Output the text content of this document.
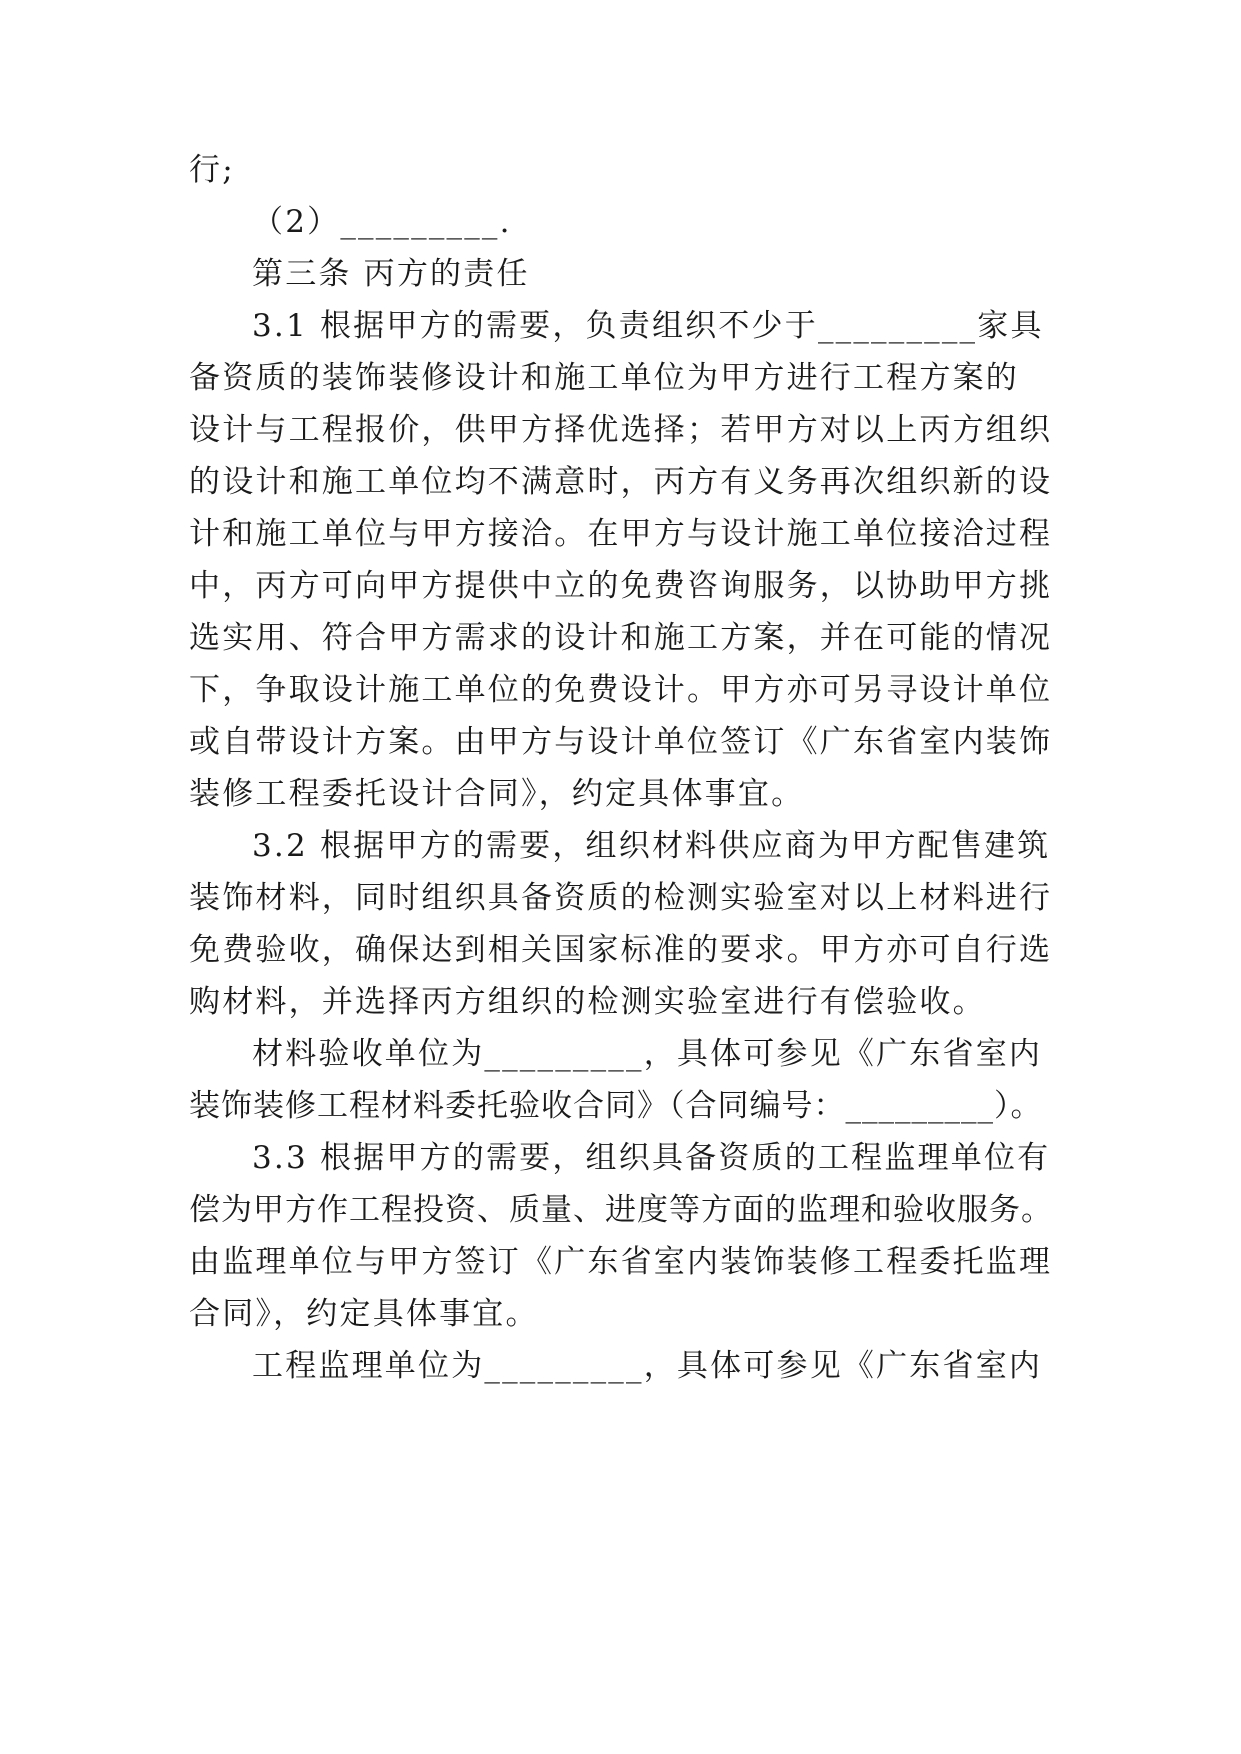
行;
（2）_________.
第三条 丙方的责任
3.1 根据甲方的需要，负责组织不少于_________家具
备资质的装饰装修设计和施工单位为甲方进行工程方案的
设计与工程报价，供甲方择优选择；若甲方对以上丙方组织
的设计和施工单位均不满意时，丙方有义务再次组织新的设
计和施工单位与甲方接洽。在甲方与设计施工单位接洽过程
中，丙方可向甲方提供中立的免费咨询服务，以协助甲方挑
选实用、符合甲方需求的设计和施工方案，并在可能的情况
下，争取设计施工单位的免费设计。甲方亦可另寻设计单位
或自带设计方案。由甲方与设计单位签订《广东省室内装饰
装修工程委托设计合同》，约定具体事宜。
3.2 根据甲方的需要，组织材料供应商为甲方配售建筑
装饰材料，同时组织具备资质的检测实验室对以上材料进行
免费验收，确保达到相关国家标准的要求。甲方亦可自行选
购材料，并选择丙方组织的检测实验室进行有偿验收。
材料验收单位为_________，具体可参见《广东省室内
装饰装修工程材料委托验收合同》（合同编号：_________）。
3.3 根据甲方的需要，组织具备资质的工程监理单位有
偿为甲方作工程投资、质量、进度等方面的监理和验收服务。
由监理单位与甲方签订《广东省室内装饰装修工程委托监理
合同》，约定具体事宜。
工程监理单位为_________，具体可参见《广东省室内
